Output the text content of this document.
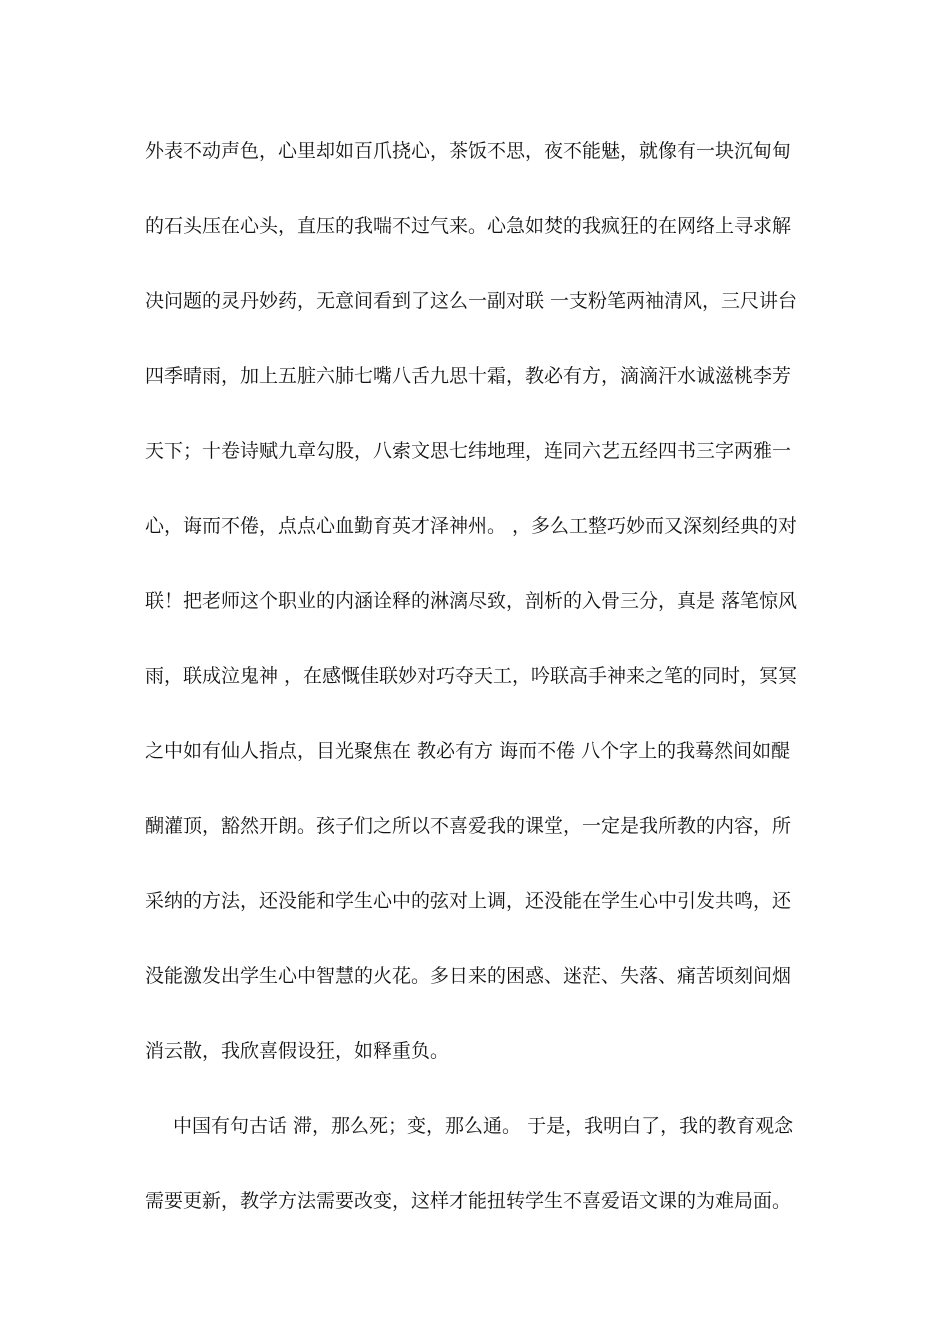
外表不动声色，心里却如百爪挠心，茶饭不思，夜不能魅，就像有一块沉甸甸
的石头压在心头，直压的我喘不过气来。心急如焚的我疯狂的在网络上寻求解
决问题的灵丹妙药，无意间看到了这么一副对联 一支粉笔两袖清风，三尺讲台
四季晴雨，加上五脏六肺七嘴八舌九思十霜，教必有方，滴滴汗水诚滋桃李芳
天下；十卷诗赋九章勾股，八索文思七纬地理，连同六艺五经四书三字两雅一
心，诲而不倦，点点心血勤育英才泽神州。 ，多么工整巧妙而又深刻经典的对
联！把老师这个职业的内涵诠释的淋漓尽致，剖析的入骨三分，真是 落笔惊风
雨，联成泣鬼神 ，在感慨佳联妙对巧夺天工，吟联高手神来之笔的同时，冥冥
之中如有仙人指点，目光聚焦在 教必有方 诲而不倦 八个字上的我蓦然间如醍
醐灌顶，豁然开朗。孩子们之所以不喜爱我的课堂，一定是我所教的内容，所
采纳的方法，还没能和学生心中的弦对上调，还没能在学生心中引发共鸣，还
没能激发出学生心中智慧的火花。多日来的困惑、迷茫、失落、痛苦顷刻间烟
消云散，我欣喜假设狂，如释重负。
中国有句古话 滞，那么死；变，那么通。 于是，我明白了，我的教育观念
需要更新，教学方法需要改变，这样才能扭转学生不喜爱语文课的为难局面。
